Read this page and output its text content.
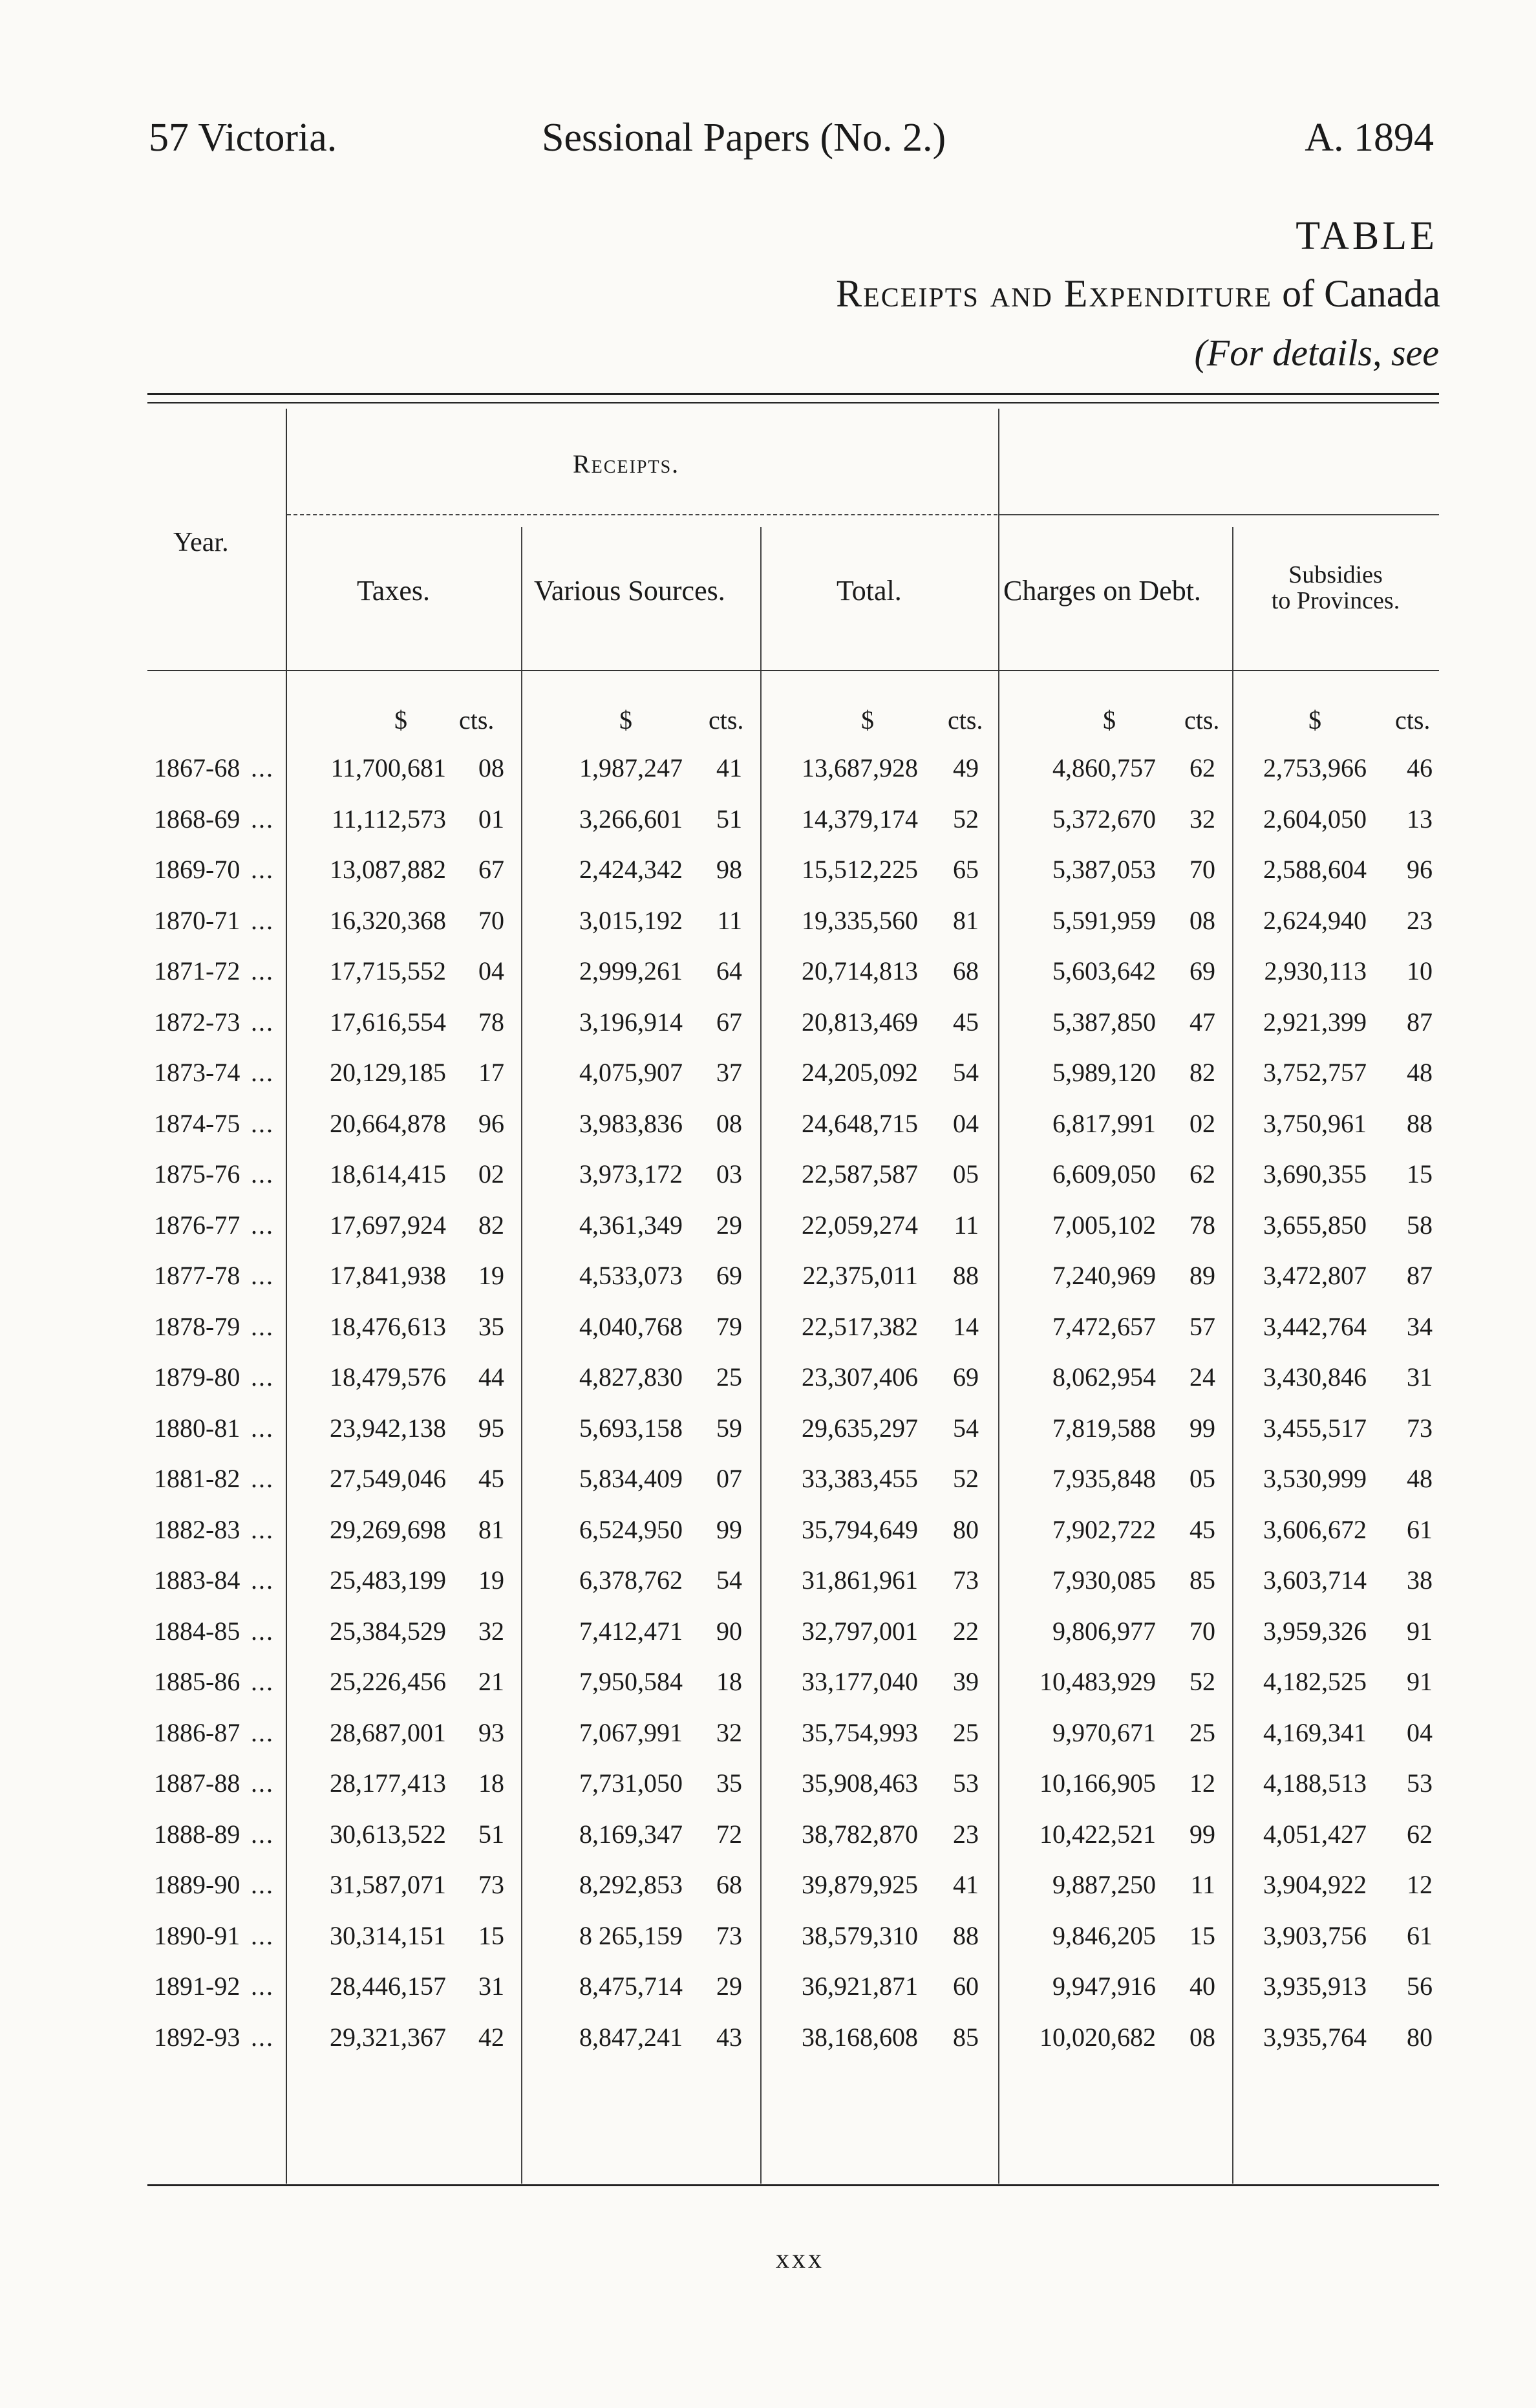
57 Victoria.	Sessional Papers (No. 2.)	A. 1894
TABLE
Receipts and Expenditure of Canada
(For details, see
Year.
Receipts.
Taxes.	Various Sources.	Total.	Charges on Debt.	Subsidies
to Provinces.
$ cts.	$	cts.	$	cts.	$	cts.	$	cts.
1867-68 ... 11,700,681 08	1,987,247 41 13,687,928 49	4,860,757 62 2,753,966 46
1868-69 ... 11,112,573 01	3,266,601 51 14,379,174 52	5,372,670 32 2,604,050 13
1869-70 ... 13,087,882 67	2,424,342 98 15,512,225 65	5,387,053 70 2,588,604 96
1870-71 ... 16,320,368 70	3,015,192 11 19,335,560 81	5,591,959 08 2,624,940 23
1871-72 ... 17,715,552 04	2,999,261 64 20,714,813 68	5,603,642 69 2,930,113 10
1872-73 ... 17,616,554 78	3,196,914 67 20,813,469 45	5,387,850 47 2,921,399 87
1873-74 ... 20,129,185 17	4,075,907 37 24,205,092 54	5,989,120 82 3,752,757 48
1874-75 ... 20,664,878 96	3,983,836 08 24,648,715 04	6,817,991 02 3,750,961 88
1875-76 ... 18,614,415 02	3,973,172 03 22,587,587 05	6,609,050 62 3,690,355 15
1876-77 ... 17,697,924 82	4,361,349 29 22,059,274 11	7,005,102 78 3,655,850 58
1877-78 ... 17,841,938 19	4,533,073 69 22,375,011 88	7,240,969 89 3,472,807 87
1878-79 ... 18,476,613 35	4,040,768 79 22,517,382 14	7,472,657 57 3,442,764 34
1879-80 ... 18,479,576 44	4,827,830 25 23,307,406 69	8,062,954 24 3,430,846 31
1880-81 ... 23,942,138 95	5,693,158 59 29,635,297 54	7,819,588 99 3,455,517 73
1881-82 ... 27,549,046 45	5,834,409 07 33,383,455 52	7,935,848 05 3,530,999 48
1882-83 ... 29,269,698 81	6,524,950 99 35,794,649 80	7,902,722 45 3,606,672 61
1883-84 ... 25,483,199 19	6,378,762 54 31,861,961 73	7,930,085 85 3,603,714 38
1884-85 ... 25,384,529 32	7,412,471 90 32,797,001 22	9,806,977 70 3,959,326 91
1885-86 ... 25,226,456 21	7,950,584 18 33,177,040 39 10,483,929 52 4,182,525 91
1886-87 ... 28,687,001 93	7,067,991 32 35,754,993 25	9,970,671 25 4,169,341 04
1887-88 ... 28,177,413 18	7,731,050 35 35,908,463 53 10,166,905 12 4,188,513 53
1888-89 ... 30,613,522 51	8,169,347 72 38,782,870 23 10,422,521 99 4,051,427 62
1889-90 ... 31,587,071 73	8,292,853 68 39,879,925 41	9,887,250 11 3,904,922 12
1890-91 ... 30,314,151 15	8 265,159 73 38,579,310 88	9,846,205 15 3,903,756 61
1891-92 ... 28,446,157 31	8,475,714 29 36,921,871 60	9,947,916 40 3,935,913 56
1892-93 ... 29,321,367 42	8,847,241 43 38,168,608 85 10,020,682 08 3,935,764 80
xxx
